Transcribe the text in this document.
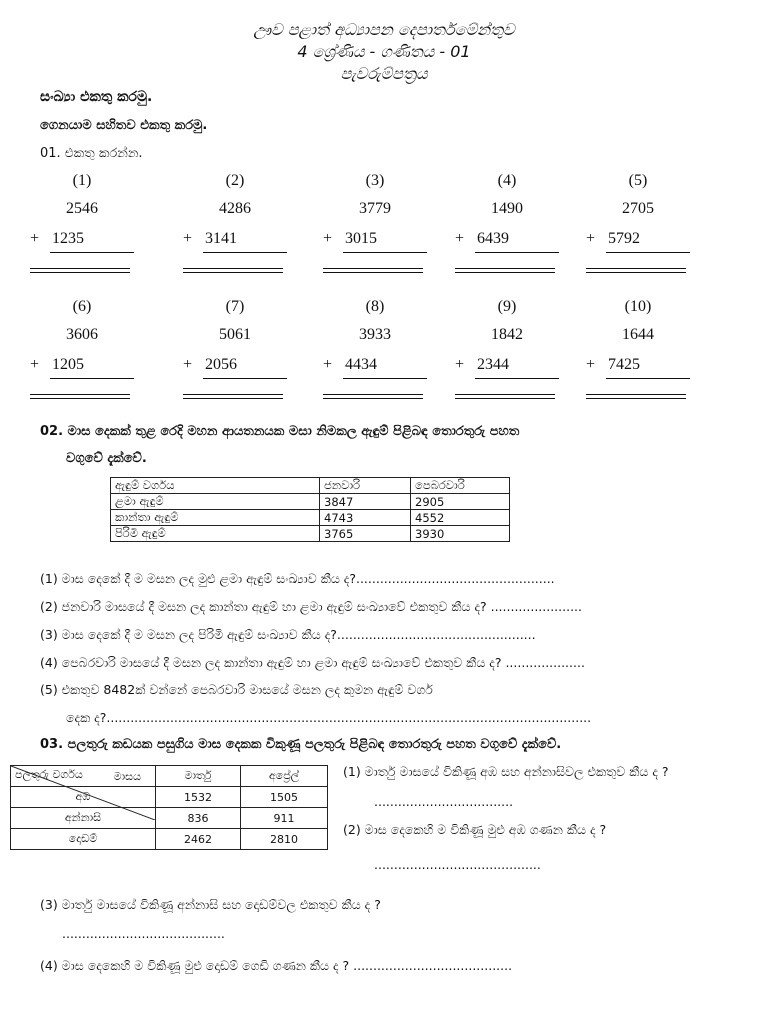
ඌව පළාත් අධ්‍යාපන දෙපාර්තමේන්තුව
4 ශ්‍රේණිය - ගණිතය - 01
පැවරුම්පත්‍රය
සංඛ්‍යා එකතු කරමු.
ගෙනයාම සහිතව එකතු කරමු.
01. එකතු කරන්න.
(1)
2546
+ 1235
(2)
4286
+ 3141
(3)
3779
+ 3015
(4)
1490
+ 6439
(5)
2705
+ 5792
(6)
3606
+ 1205
(7)
5061
+ 2056
(8)
3933
+ 4434
(9)
1842
+ 2344
(10)
1644
+ 7425
02. මාස දෙකක් තුළ රෙදි මහන ආයතනයක මසා නිමකල ඇඳුම් පිළිබඳ තොරතුරු පහත
වගුවේ දැක්වේ.
ඇඳුම් වර්ගය	ජනවාරි	පෙබරවාරි
ළමා ඇඳුම්	3847	2905
කාන්තා ඇඳුම්	4743	4552
පිරිමි ඇඳුම්	3765	3930
(1) මාස දෙකේ දී ම මසන ලද මුළු ළමා ඇඳුම් සංඛ්‍යාව කීය ද?..................................................
(2) ජනවාරි මාසයේ දී මසන ලද කාන්තා ඇඳුම් හා ළමා ඇඳුම් සංඛ්‍යාවේ එකතුව කීය ද? .......................
(3) මාස දෙකේ දී ම මසන ලද පිරිමි ඇඳුම් සංඛ්‍යාව කීය ද?..................................................
(4) පෙබරවාරි මාසයේ දී මසන ලද කාන්තා ඇඳුම් හා ළමා ඇඳුම් සංඛ්‍යාවේ එකතුව කීය ද? ....................
(5) එකතුව 8482ක් වන්නේ පෙබරවාරි මාසයේ මසන ලද කුමන ඇඳුම් වර්ග
දෙක ද?..........................................................................................................................
03. පලතුරු කඩයක පසුගිය මාස දෙකක විකුණූ පලතුරු පිළිබඳ තොරතුරු පහත වගුවේ දැක්වේ.
මාසය
පලතුරු වර්ගය	මාර්තු	අප්‍රේල්
අඹ	1532	1505
අන්නාසි	836	911
දොඩම්	2462	2810
(1) මාර්තු මාසයේ විකිණූ අඹ සහ අන්නාසිවල එකතුව කීය ද ?
...................................
(2) මාස දෙකෙහි ම විකිණූ මුළු අඹ ගණන කීය ද ?
..........................................
(3) මාර්තු මාසයේ විකිණූ අන්නාසි සහ දොඩම්වල එකතුව කීය ද ?
.........................................
(4) මාස දෙකෙහි ම විකිණූ මුළු දොඩම් ගෙඩි ගණන කීය ද ? ........................................
